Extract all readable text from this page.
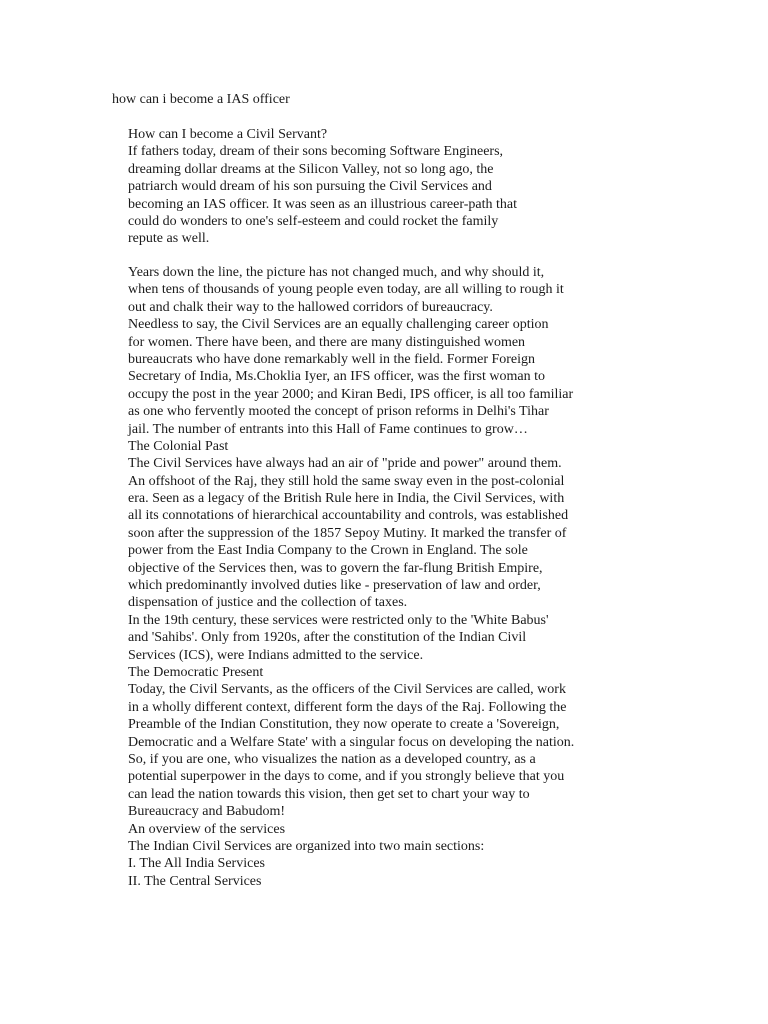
how can i become a IAS officer
How can I become a Civil Servant?
If fathers today, dream of their sons becoming Software Engineers,
dreaming dollar dreams at the Silicon Valley, not so long ago, the
patriarch would dream of his son pursuing the Civil Services and
becoming an IAS officer. It was seen as an illustrious career-path that
could do wonders to one's self-esteem and could rocket the family
repute as well.
Years down the line, the picture has not changed much, and why should it,
when tens of thousands of young people even today, are all willing to rough it
out and chalk their way to the hallowed corridors of bureaucracy.
Needless to say, the Civil Services are an equally challenging career option
for women. There have been, and there are many distinguished women
bureaucrats who have done remarkably well in the field. Former Foreign
Secretary of India, Ms.Choklia Iyer, an IFS officer, was the first woman to
occupy the post in the year 2000; and Kiran Bedi, IPS officer, is all too familiar
as one who fervently mooted the concept of prison reforms in Delhi's Tihar
jail. The number of entrants into this Hall of Fame continues to grow…
The Colonial Past
The Civil Services have always had an air of "pride and power" around them.
An offshoot of the Raj, they still hold the same sway even in the post-colonial
era. Seen as a legacy of the British Rule here in India, the Civil Services, with
all its connotations of hierarchical accountability and controls, was established
soon after the suppression of the 1857 Sepoy Mutiny. It marked the transfer of
power from the East India Company to the Crown in England. The sole
objective of the Services then, was to govern the far-flung British Empire,
which predominantly involved duties like - preservation of law and order,
dispensation of justice and the collection of taxes.
In the 19th century, these services were restricted only to the 'White Babus'
and 'Sahibs'. Only from 1920s, after the constitution of the Indian Civil
Services (ICS), were Indians admitted to the service.
The Democratic Present
Today, the Civil Servants, as the officers of the Civil Services are called, work
in a wholly different context, different form the days of the Raj. Following the
Preamble of the Indian Constitution, they now operate to create a 'Sovereign,
Democratic and a Welfare State' with a singular focus on developing the nation.
So, if you are one, who visualizes the nation as a developed country, as a
potential superpower in the days to come, and if you strongly believe that you
can lead the nation towards this vision, then get set to chart your way to
Bureaucracy and Babudom!
An overview of the services
The Indian Civil Services are organized into two main sections:
I. The All India Services
II. The Central Services
